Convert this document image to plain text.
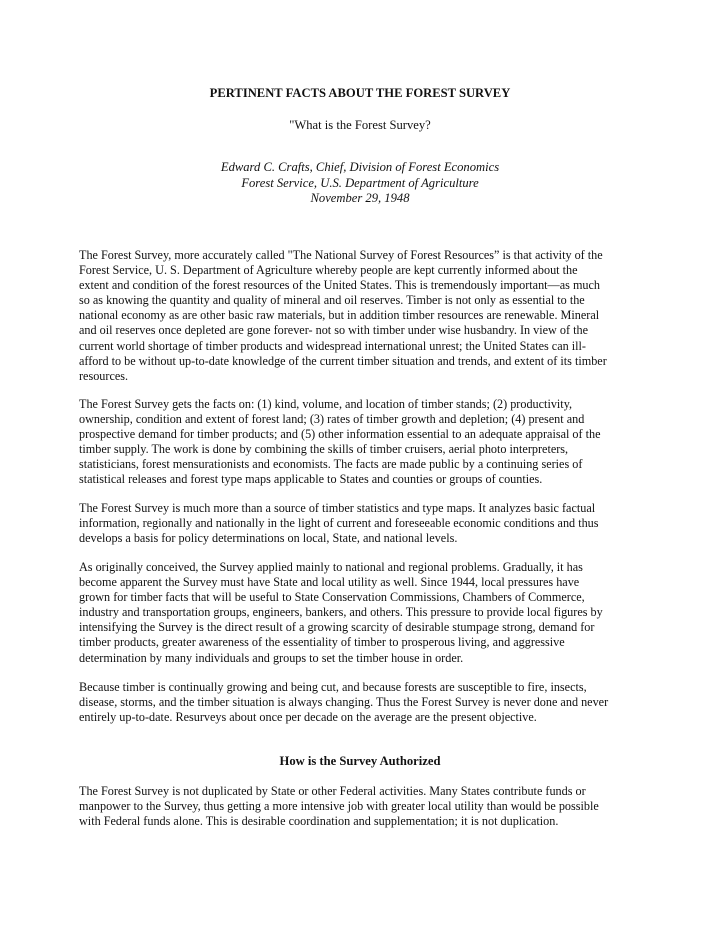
PERTINENT FACTS ABOUT THE FOREST SURVEY

"What is the Forest Survey?

Edward C. Crafts, Chief, Division of Forest Economics
Forest Service, U.S. Department of Agriculture
November 29, 1948

The Forest Survey, more accurately called "The National Survey of Forest Resources” is that activity of the
Forest Service, U. S. Department of Agriculture whereby people are kept currently informed about the
extent and condition of the forest resources of the United States. This is tremendously important—as much
so as knowing the quantity and quality of mineral and oil reserves. Timber is not only as essential to the
national economy as are other basic raw materials, but in addition timber resources are renewable. Mineral
and oil reserves once depleted are gone forever- not so with timber under wise husbandry. In view of the
current world shortage of timber products and widespread international unrest; the United States can ill-
afford to be without up-to-date knowledge of the current timber situation and trends, and extent of its timber
resources.

The Forest Survey gets the facts on: (1) kind, volume, and location of timber stands; (2) productivity,
ownership, condition and extent of forest land; (3) rates of timber growth and depletion; (4) present and
prospective demand for timber products; and (5) other information essential to an adequate appraisal of the
timber supply. The work is done by combining the skills of timber cruisers, aerial photo interpreters,
statisticians, forest mensurationists and economists. The facts are made public by a continuing series of
statistical releases and forest type maps applicable to States and counties or groups of counties.

The Forest Survey is much more than a source of timber statistics and type maps. It analyzes basic factual
information, regionally and nationally in the light of current and foreseeable economic conditions and thus
develops a basis for policy determinations on local, State, and national levels.

As originally conceived, the Survey applied mainly to national and regional problems. Gradually, it has
become apparent the Survey must have State and local utility as well. Since 1944, local pressures have
grown for timber facts that will be useful to State Conservation Commissions, Chambers of Commerce,
industry and transportation groups, engineers, bankers, and others. This pressure to provide local figures by
intensifying the Survey is the direct result of a growing scarcity of desirable stumpage strong, demand for
timber products, greater awareness of the essentiality of timber to prosperous living, and aggressive
determination by many individuals and groups to set the timber house in order.

Because timber is continually growing and being cut, and because forests are susceptible to fire, insects,
disease, storms, and the timber situation is always changing. Thus the Forest Survey is never done and never
entirely up-to-date. Resurveys about once per decade on the average are the present objective.

How is the Survey Authorized

The Forest Survey is not duplicated by State or other Federal activities. Many States contribute funds or
manpower to the Survey, thus getting a more intensive job with greater local utility than would be possible
with Federal funds alone. This is desirable coordination and supplementation; it is not duplication.
